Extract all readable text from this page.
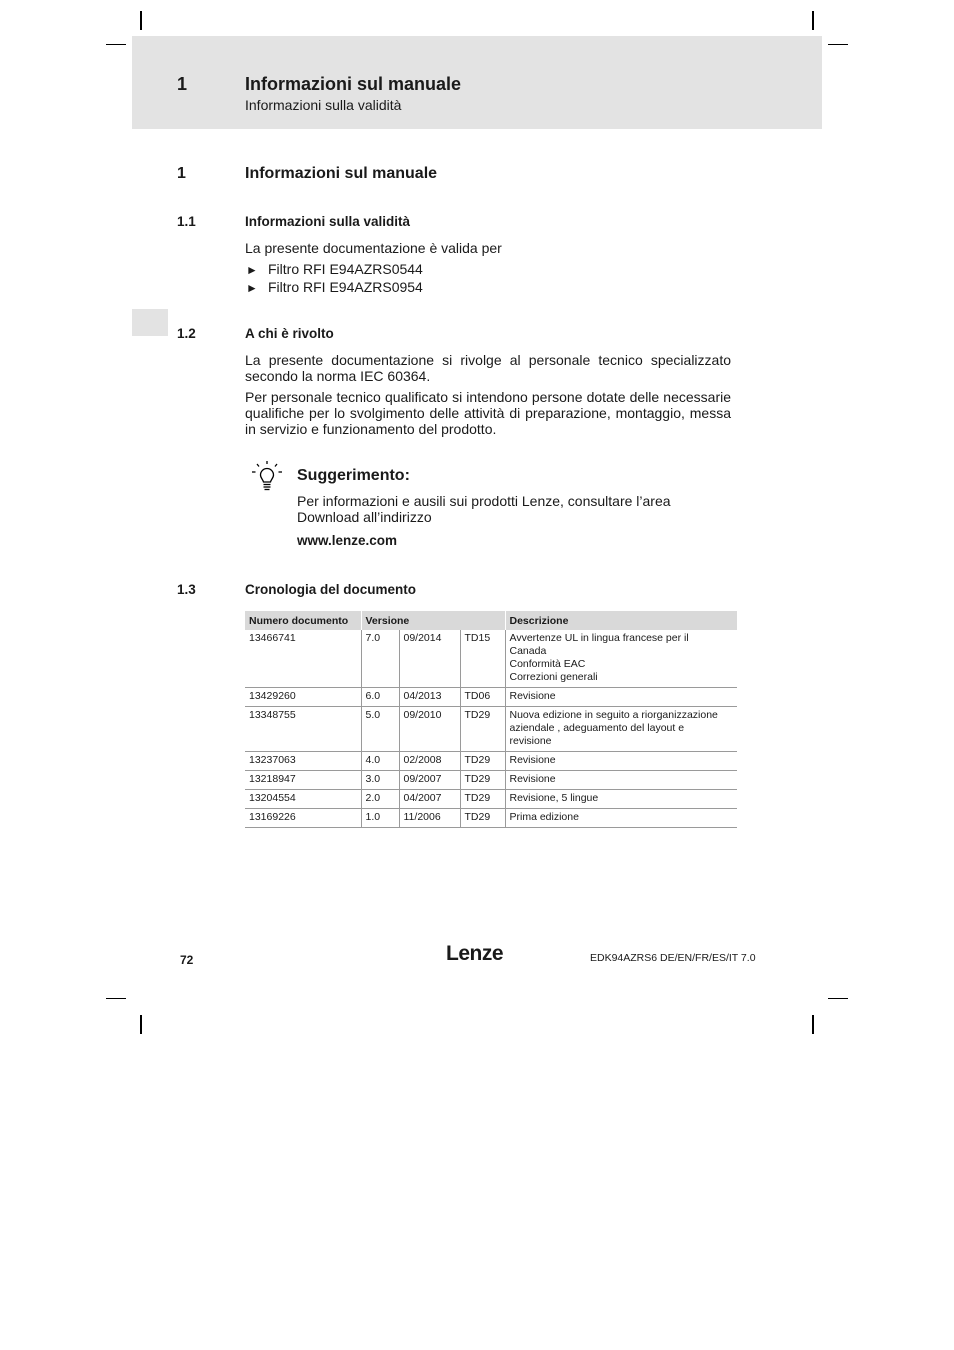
1	Informazioni sul manuale
Informazioni sulla validità
1	Informazioni sul manuale
1.1	Informazioni sulla validità
La presente documentazione è valida per
► Filtro RFI E94AZRS0544
► Filtro RFI E94AZRS0954
1.2	A chi è rivolto
La presente documentazione si rivolge al personale tecnico specializzato secondo la norma IEC 60364.
Per personale tecnico qualificato si intendono persone dotate delle necessarie qualifiche per lo svolgimento delle attività di preparazione, montaggio, messa in servizio e funzionamento del prodotto.
Suggerimento:
Per informazioni e ausili sui prodotti Lenze, consultare l’area Download all’indirizzo
www.lenze.com
1.3	Cronologia del documento
Numero documento	Versione			Descrizione
13466741	7.0	09/2014	TD15	Avvertenze UL in lingua francese per il
Canada
Conformità EAC
Correzioni generali

13429260	6.0	04/2013	TD06	Revisione

13348755	5.0	09/2010	TD29	Nuova edizione in seguito a riorganizzazione
aziendale , adeguamento del layout e
revisione

13237063	4.0	02/2008	TD29	Revisione

13218947	3.0	09/2007	TD29	Revisione

13204554	2.0	04/2007	TD29	Revisione, 5 lingue

13169226	1.0	11/2006	TD29	Prima edizione
72	Lenze	EDK94AZRS6 DE/EN/FR/ES/IT 7.0
